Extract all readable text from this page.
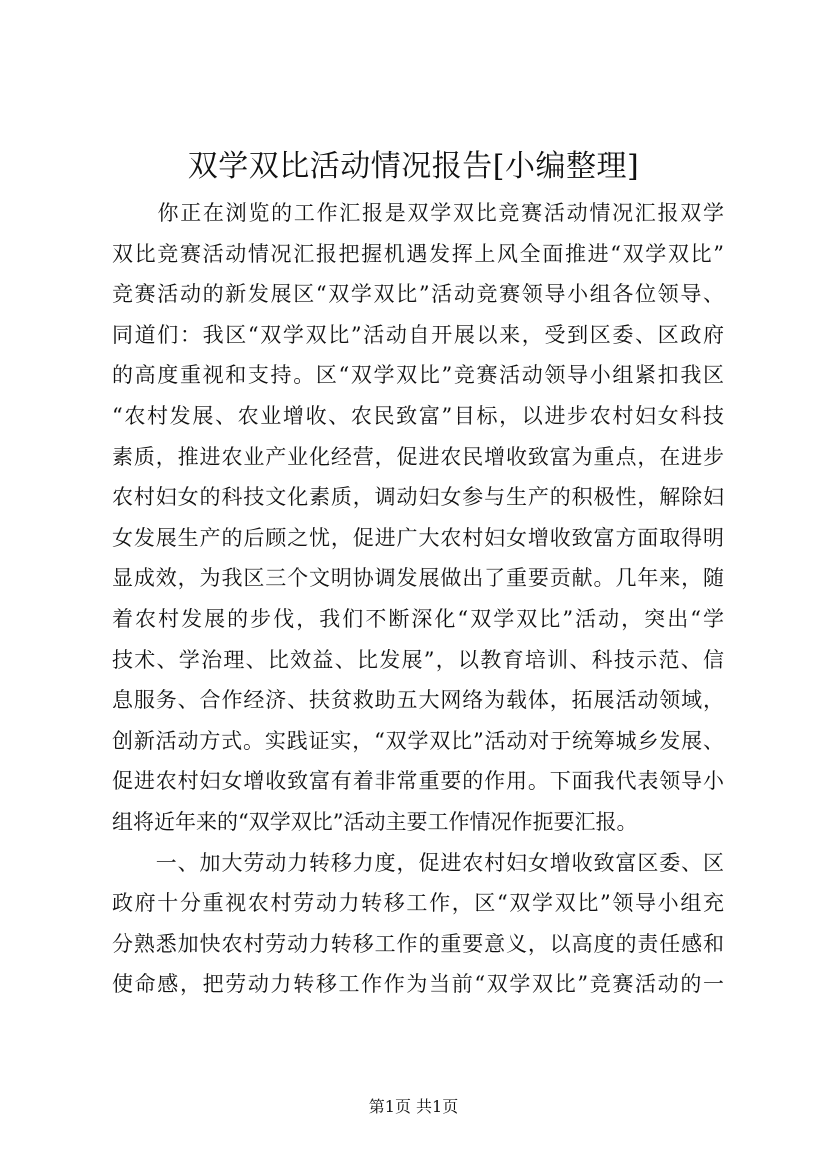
双学双比活动情况报告[小编整理]
　　你正在浏览的工作汇报是双学双比竞赛活动情况汇报双学
双比竞赛活动情况汇报把握机遇发挥上风全面推进“双学双比”
竞赛活动的新发展区“双学双比”活动竞赛领导小组各位领导、
同道们：我区“双学双比”活动自开展以来，受到区委、区政府
的高度重视和支持。区“双学双比”竞赛活动领导小组紧扣我区
“农村发展、农业增收、农民致富”目标，以进步农村妇女科技
素质，推进农业产业化经营，促进农民增收致富为重点，在进步
农村妇女的科技文化素质，调动妇女参与生产的积极性，解除妇
女发展生产的后顾之忧，促进广大农村妇女增收致富方面取得明
显成效，为我区三个文明协调发展做出了重要贡献。几年来，随
着农村发展的步伐，我们不断深化“双学双比”活动，突出“学
技术、学治理、比效益、比发展”，以教育培训、科技示范、信
息服务、合作经济、扶贫救助五大网络为载体，拓展活动领域，
创新活动方式。实践证实，“双学双比”活动对于统筹城乡发展、
促进农村妇女增收致富有着非常重要的作用。下面我代表领导小
组将近年来的“双学双比”活动主要工作情况作扼要汇报。
　　一、加大劳动力转移力度，促进农村妇女增收致富区委、区
政府十分重视农村劳动力转移工作，区“双学双比”领导小组充
分熟悉加快农村劳动力转移工作的重要意义，以高度的责任感和
使命感，把劳动力转移工作作为当前“双学双比”竞赛活动的一
第1页 共1页
